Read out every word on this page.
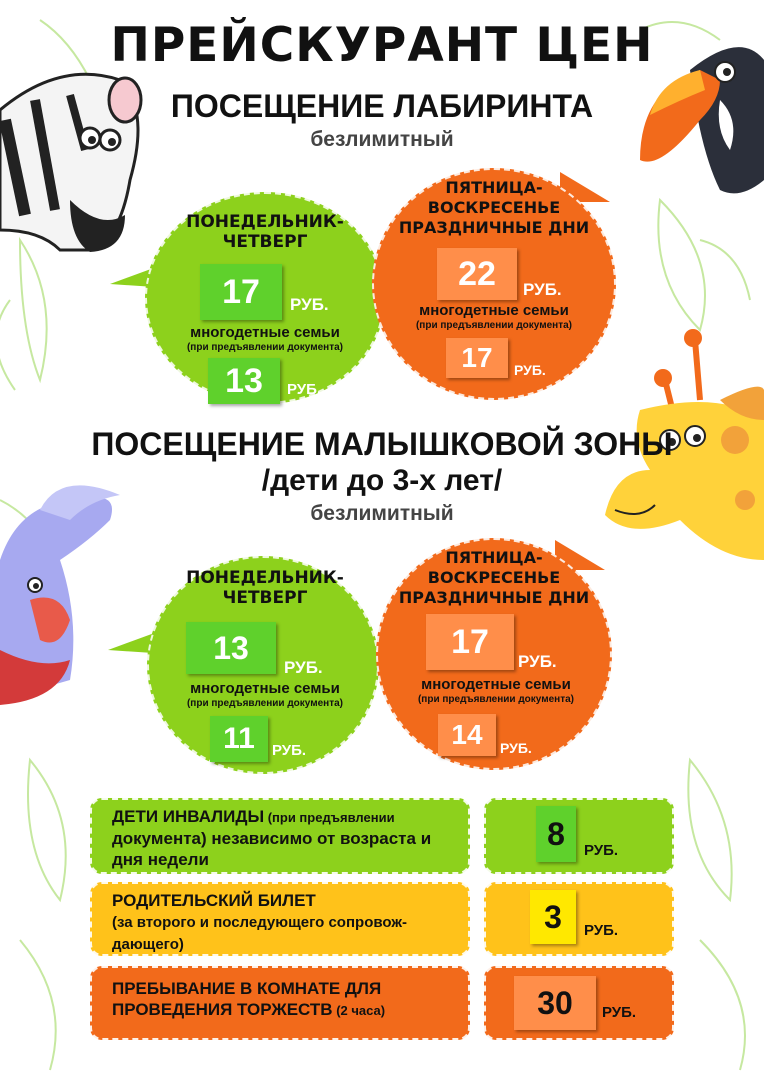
ПРЕЙСКУРАНТ ЦЕН
ПОСЕЩЕНИЕ ЛАБИРИНТА
безлимитный
ПОНЕДЕЛЬНИК-
ЧЕТВЕРГ
17	РУБ.
многодетные семьи
(при предъявлении документа)
13	РУБ.
ПЯТНИЦА-
ВОСКРЕСЕНЬЕ
ПРАЗДНИЧНЫЕ ДНИ
22	РУБ.
многодетные семьи
(при предъявлении документа)
17	РУБ.
ПОСЕЩЕНИЕ МАЛЫШКОВОЙ ЗОНЫ
/дети до 3-х лет/
безлимитный
ПОНЕДЕЛЬНИК-
ЧЕТВЕРГ
13
РУБ.
многодетные семьи
(при предъявлении документа)
11	РУБ.
ПЯТНИЦА-
ВОСКРЕСЕНЬЕ
ПРАЗДНИЧНЫЕ ДНИ
17
РУБ.
многодетные семьи
(при предъявлении документа)
14	РУБ.
ДЕТИ ИНВАЛИДЫ (при предъявлении
документа) независимо от возраста и
дня недели
8	РУБ.
РОДИТЕЛЬСКИЙ БИЛЕТ
(за второго и последующего сопровож-
дающего)
3	РУБ.
ПРЕБЫВАНИЕ В КОМНАТЕ ДЛЯ
ПРОВЕДЕНИЯ ТОРЖЕСТВ (2 часа)	30	РУБ.
